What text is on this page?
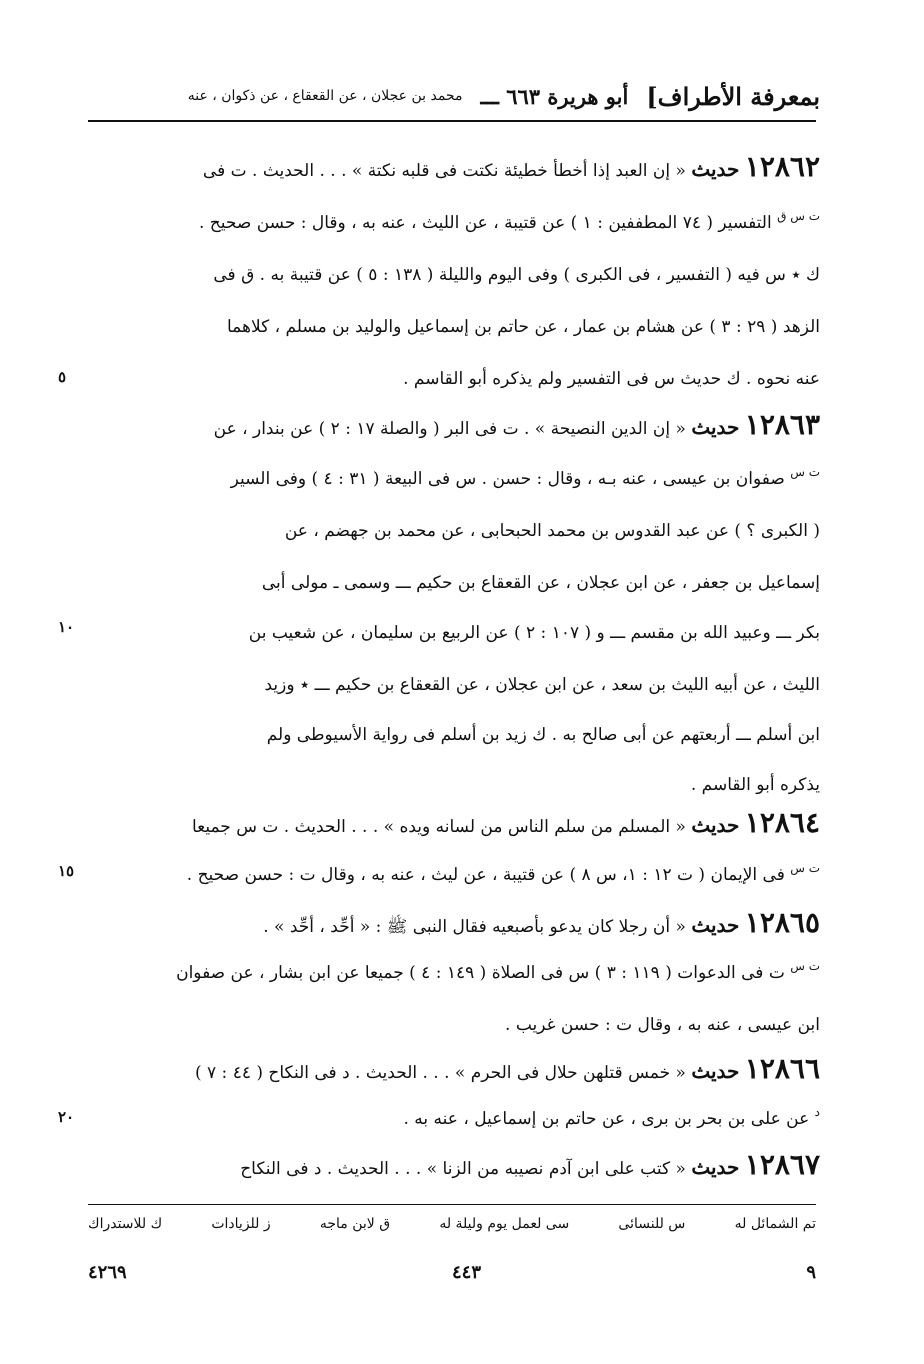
بمعرفة الأطراف]
أبو هريرة ٦٦٣ ـــ
محمد بن عجلان ، عن القعقاع ، عن ذكوان ، عنه
١٢٨٦٢ حديث « إن العبد إذا أخطأ خطيئة نكتت فى قلبه نكتة » . . . الحديث . ت فى
$^{ت س ق}$ التفسير ( ٧٤ المطففين : ١ ) عن قتيبة ، عن الليث ، عنه به ، وقال : حسن صحيح .
ﻙ ٭ س فيه ( التفسير ، فى الكبرى ) وفى اليوم والليلة ( ١٣٨ : ٥ ) عن قتيبة به . ق فى
الزهد ( ٢٩ : ٣ ) عن هشام بن عمار ، عن حاتم بن إسماعيل والوليد بن مسلم ، كلاهما
عنه نحوه . ﻙ حديث س فى التفسير ولم يذكره أبو القاسم .
١٢٨٦٣ حديث « إن الدين النصيحة » . ت فى البر ( والصلة ١٧ : ٢ ) عن بندار ، عن
$^{ت س}$ صفوان بن عيسى ، عنه بـه ، وقال : حسن . س فى البيعة ( ٣١ : ٤ ) وفى السير
( الكبرى ؟ ) عن عبد القدوس بن محمد الحبحابى ، عن محمد بن جهضم ، عن
إسماعيل بن جعفر ، عن ابن عجلان ، عن القعقاع بن حكيم ـــ وسمى ـ مولى أبى
بكر ـــ وعبيد الله بن مقسم ـــ و ( ١٠٧ : ٢ ) عن الربيع بن سليمان ، عن شعيب بن
الليث ، عن أبيه الليث بن سعد ، عن ابن عجلان ، عن القعقاع بن حكيم ـــ ٭ وزيد
ابن أسلم ـــ أربعتهم عن أبى صالح به . ﻙ زيد بن أسلم فى رواية الأسيوطى ولم
يذكره أبو القاسم .
١٢٨٦٤ حديث « المسلم من سلم الناس من لسانه ويده » . . . الحديث . ت س جميعا
$^{ت س}$ فى الإيمان ( ت ١٢ : ١، س ٨ ) عن قتيبة ، عن ليث ، عنه به ، وقال ت : حسن صحيح .
١٢٨٦٥ حديث « أن رجلا كان يدعو بأصبعيه فقال النبى ﷺ : « أحِّد ، أحِّد » .
$^{ت س}$ ت فى الدعوات ( ١١٩ : ٣ ) س فى الصلاة ( ١٤٩ : ٤ ) جميعا عن ابن بشار ، عن صفوان
ابن عيسى ، عنه به ، وقال ت : حسن غريب .
١٢٨٦٦ حديث « خمس قتلهن حلال فى الحرم » . . . الحديث . د فى النكاح ( ٤٤ : ٧ )
$^د$ عن على بن بحر بن برى ، عن حاتم بن إسماعيل ، عنه به .
١٢٨٦٧ حديث « كتب على ابن آدم نصيبه من الزنا » . . . الحديث . د فى النكاح
٥
١٠
١٥
٢٠
تم الشمائل له
س للنسائى
سى لعمل يوم وليلة له
ق لابن ماجه
ز للزيادات
ﻙ للاستدراك
٩
٤٤٣
٤٢٦٩
